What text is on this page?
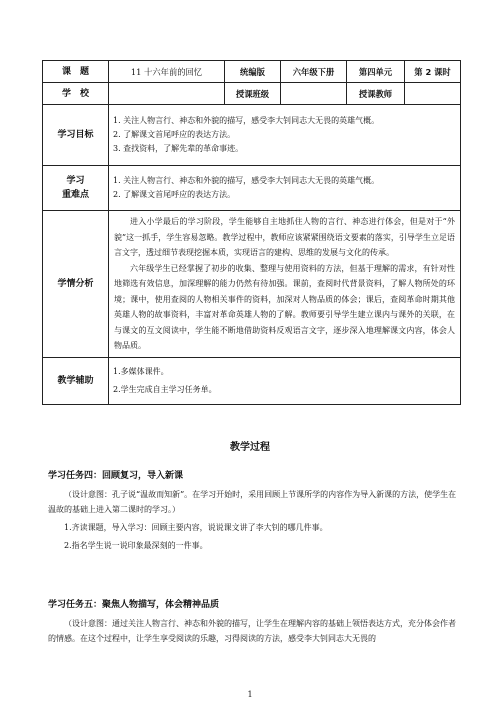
课　题	11 十六年前的回忆	统编版	六年级下册	第四单元	第 2 课时
学　校		授课班级		授课教师	
学习目标	1. 关注人物言行、神态和外貌的描写，感受李大钊同志大无畏的英雄气概。
2. 了解课文首尾呼应的表达方法。
3. 查找资料，了解先辈的革命事迹。				

学习
重难点	1. 关注人物言行、神态和外貌的描写，感受李大钊同志大无畏的英雄气概。
2. 了解课文首尾呼应的表达方法。				

学情分析	进入小学最后的学习阶段，学生能够自主地抓住人物的言行、神态进行体会，但是对于“外貌”这一抓手，学生容易忽略。教学过程中，教师应该紧紧围绕语文要素的落实，引导学生立足语言文字，透过细节表现挖掘本质，实现语言的建构、思维的发展与文化的传承。

六年级学生已经掌握了初步的收集、整理与使用资料的方法，但基于理解的需求，有针对性地筛选有效信息，加深理解的能力仍然有待加强。课前，查阅时代背景资料，了解人物所处的环境；课中，使用查阅的人物相关事件的资料，加深对人物品质的体会；课后，查阅革命时期其他英雄人物的故事资料，丰富对革命英雄人物的了解。教师要引导学生建立课内与课外的关联，在与课文的互文阅读中，学生能不断地借助资料反观语言文字，逐步深入地理解课文内容，体会人物品质。				

教学辅助	1.多媒体课件。
2.学生完成自主学习任务单。				
教学过程
学习任务四：回顾复习，导入新课
（设计意图：孔子说“温故而知新”。在学习开始时，采用回顾上节课所学的内容作为导入新课的方法，使学生在温故的基础上进入第二课时的学习。）
1.齐读课题，导入学习：回顾主要内容，说说课文讲了李大钊的哪几件事。
2.指名学生说一说印象最深刻的一件事。
学习任务五：聚焦人物描写，体会精神品质
（设计意图：通过关注人物言行、神态和外貌的描写，让学生在理解内容的基础上领悟表达方式，充分体会作者的情感。在这个过程中，让学生享受阅读的乐趣，习得阅读的方法，感受李大钊同志大无畏的
1
